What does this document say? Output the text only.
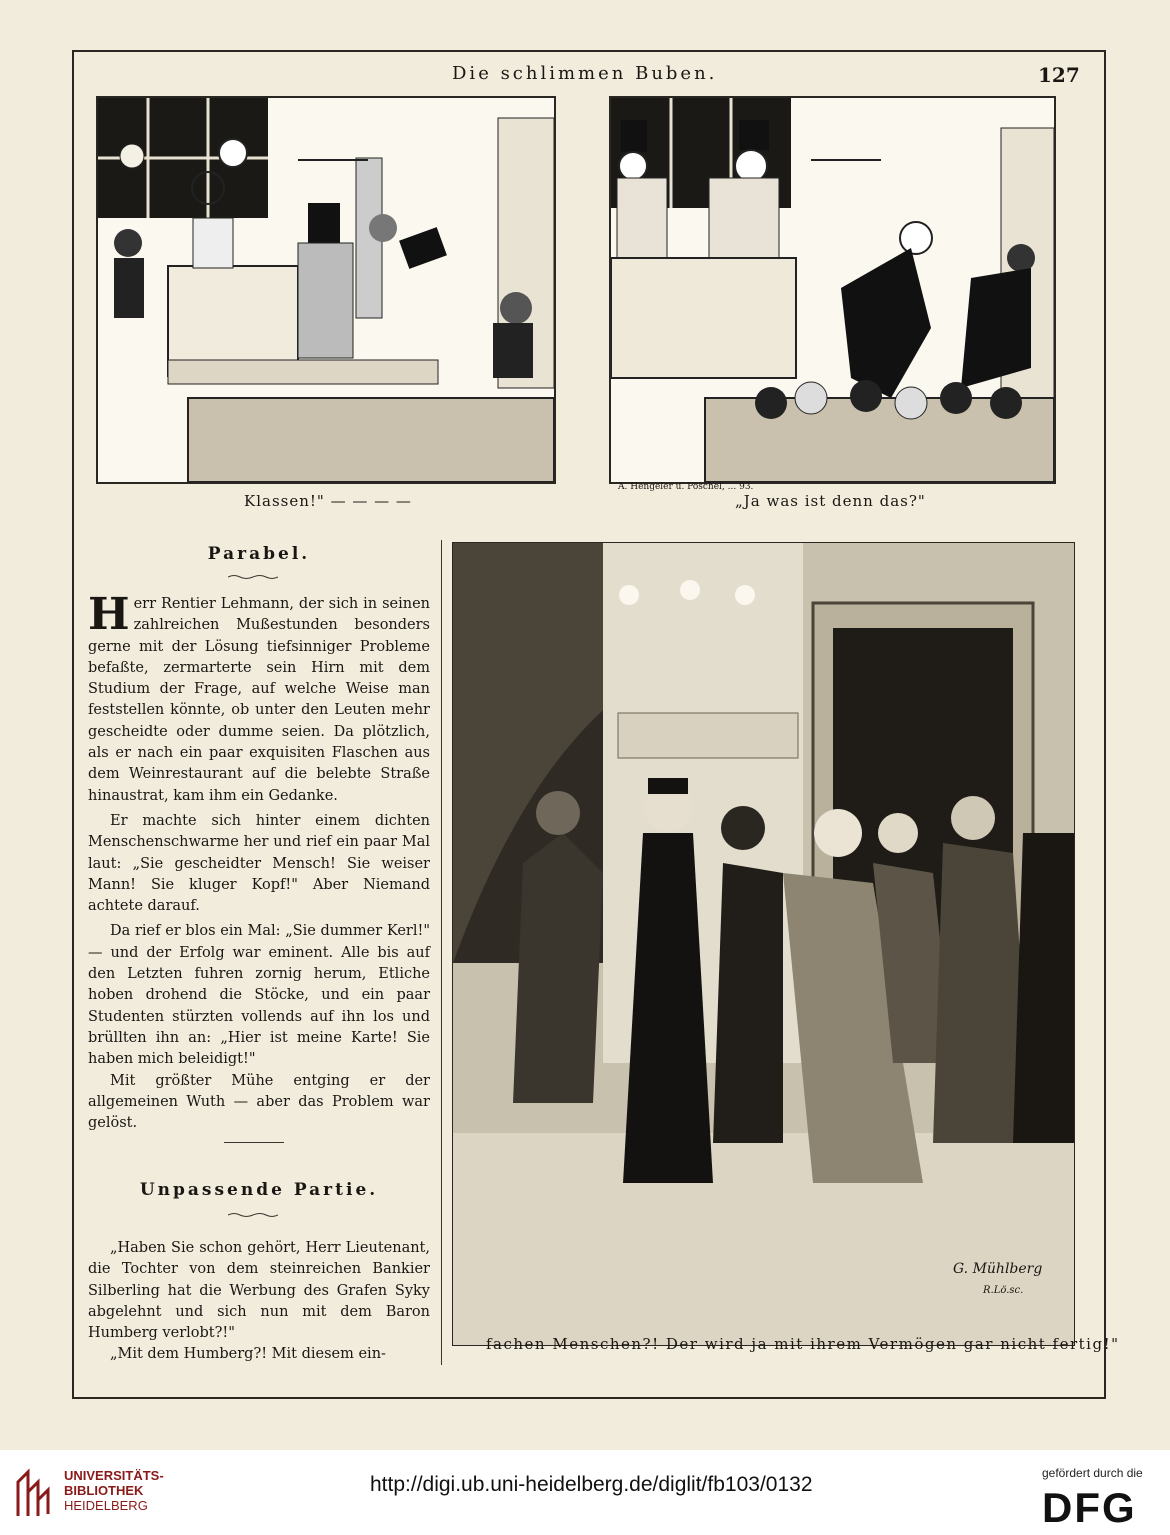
Die schlimmen Buben.	127
Klassen!" — — — —
A. Hengeler u. Pöschel, ... 93.
„Ja was ist denn das?"
Parabel.

Herr Rentier Lehmann, der sich in seinen zahlreichen Mußestunden besonders gerne mit der Lösung tiefsinniger Probleme befaßte, zermarterte sein Hirn mit dem Studium der Frage, auf welche Weise man feststellen könnte, ob unter den Leuten mehr gescheidte oder dumme seien. Da plötzlich, als er nach ein paar exquisiten Flaschen aus dem Weinrestaurant auf die belebte Straße hinaustrat, kam ihm ein Gedanke.

Er machte sich hinter einem dichten Menschenschwarme her und rief ein paar Mal laut: „Sie gescheidter Mensch! Sie weiser Mann! Sie kluger Kopf!" Aber Niemand achtete darauf.

Da rief er blos ein Mal: „Sie dummer Kerl!" — und der Erfolg war eminent. Alle bis auf den Letzten fuhren zornig herum, Etliche hoben drohend die Stöcke, und ein paar Studenten stürzten vollends auf ihn los und brüllten ihn an: „Hier ist meine Karte! Sie haben mich beleidigt!"

Mit größter Mühe entging er der allgemeinen Wuth — aber das Problem war gelöst.

Unpassende Partie.

„Haben Sie schon gehört, Herr Lieutenant, die Tochter von dem steinreichen Bankier Silberling hat die Werbung des Grafen Syky abgelehnt und sich nun mit dem Baron Humberg verlobt?!"

„Mit dem Humberg?! Mit diesem ein-

G. Mühlberg
R.Lö.sc.
fachen Menschen?! Der wird ja mit ihrem Vermögen gar nicht fertig!"
UNIVERSITÄTS-
BIBLIOTHEK
HEIDELBERG
http://digi.ub.uni-heidelberg.de/diglit/fb103/0132	gefördert durch die
DFG
